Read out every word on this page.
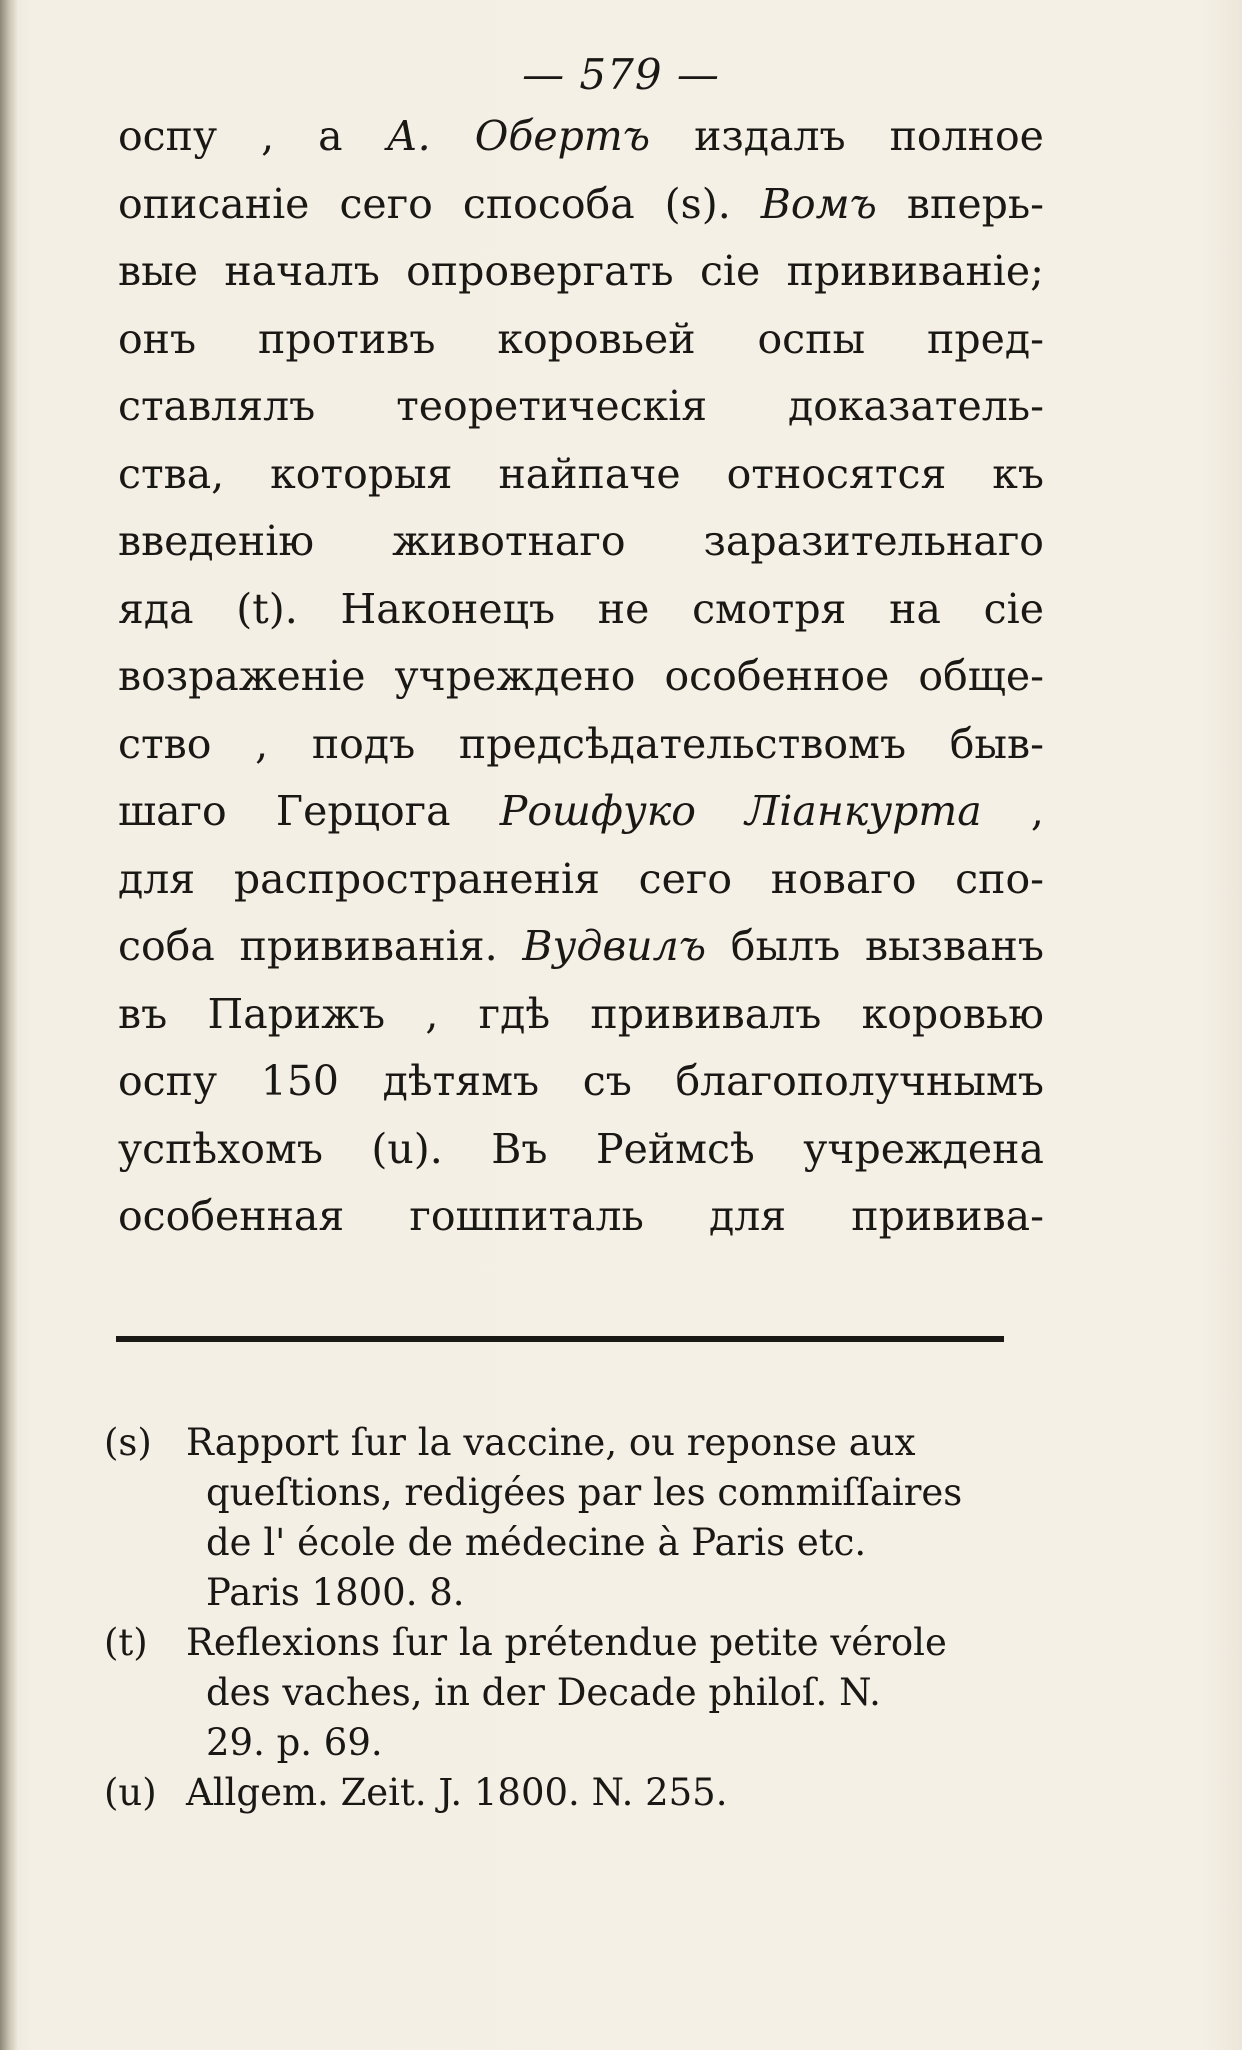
— 579 —
оспу , а А. Обертъ издалъ полное
описаніе сего способа (s). Вомъ вперь-
вые началъ опровергать сіе прививаніе;
онъ противъ коровьей оспы пред-
ставлялъ теоретическія доказатель-
ства, которыя найпаче относятся къ
введенію животнаго заразительнаго
яда (t). Наконецъ не смотря на сіе
возраженіе учреждено особенное обще-
ство , подъ предсѣдательствомъ быв-
шаго Герцога Рошфуко Ліанкурта ,
для распространенія сего новаго спо-
соба прививанія. Вудвилъ былъ вызванъ
въ Парижъ , гдѣ прививалъ коровью
оспу 150 дѣтямъ съ благополучнымъ
успѣхомъ (u). Въ Реймсѣ учреждена
особенная гошпиталь для привива-
(s) Rapport ſur la vaccine, ou reponse aux
queſtions, redigées par les commiſſaires
de l' école de médecine à Paris etc.
Paris 1800. 8.
(t)	Reflexions ſur la prétendue petite vérole
des vaches, in der Decade philoſ. N.
29. p. 69.
(u) Allgem. Zeit. J. 1800. N. 255.
